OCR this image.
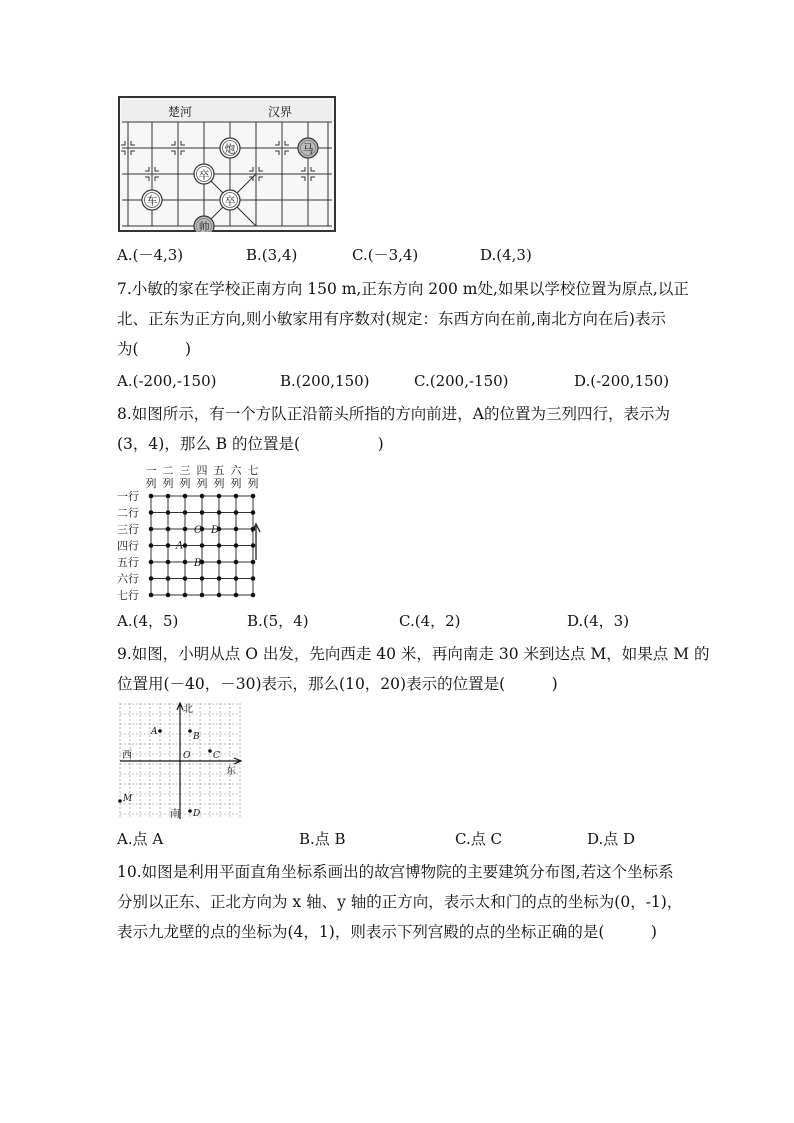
楚河	汉界
炮	马
卒
车	卒
帅
A.(－4,3)	B.(3,4)	C.(－3,4)	D.(4,3)
7.小敏的家在学校正南方向 150 m,正东方向 200 m处,如果以学校位置为原点,以正
北、正东为正方向,则小敏家用有序数对(规定：东西方向在前,南北方向在后)表示
为(　　　)
A.(-200,-150)	B.(200,150)	C.(200,-150)	D.(-200,150)
8.如图所示，有一个方队正沿箭头所指的方向前进，A的位置为三列四行，表示为
(3，4)，那么 B 的位置是(　　　　　)
一
列
二
列
三
列
四
列
五
列
六
列
七
列
一行
二行
三行
四行
五行
六行
七行
A
B
C D
A.(4，5)	B.(5，4)	C.(4，2)	D.(4，3)
9.如图，小明从点 O 出发，先向西走 40 米，再向南走 30 米到达点 M，如果点 M 的
位置用(－40，－30)表示，那么(10，20)表示的位置是(　　　)
北
南
西
东
O
A	B
C
D
M
A.点 A	B.点 B	C.点 C	D.点 D
10.如图是利用平面直角坐标系画出的故宫博物院的主要建筑分布图,若这个坐标系
分别以正东、正北方向为 x 轴、y 轴的正方向，表示太和门的点的坐标为(0，-1)，
表示九龙壁的点的坐标为(4，1)，则表示下列宫殿的点的坐标正确的是(　　　)
